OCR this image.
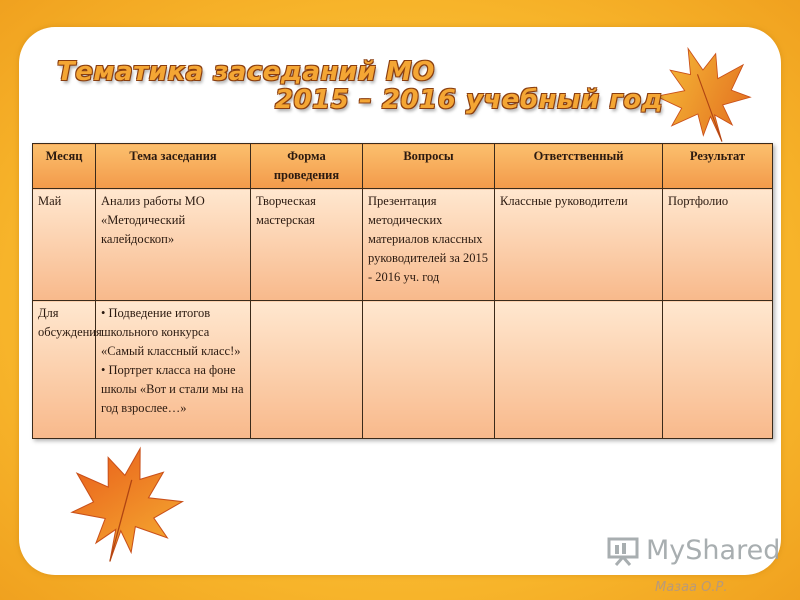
Тематика заседаний МО
2015 – 2016 учебный год
Месяц	Тема заседания	Форма проведения	Вопросы	Ответственный	Результат
Май	Анализ работы МО «Методический калейдоскоп»	Творческая мастерская	Презентация методических материалов классных руководителей за 2015 - 2016 уч. год	Классные руководители	Портфолио
Для обсуждения	• Подведение итогов школьного конкурса «Самый классный класс!» • Портрет класса на фоне школы «Вот и стали мы на год взрослее…»				
MyShared
Мазаа О.Р.
